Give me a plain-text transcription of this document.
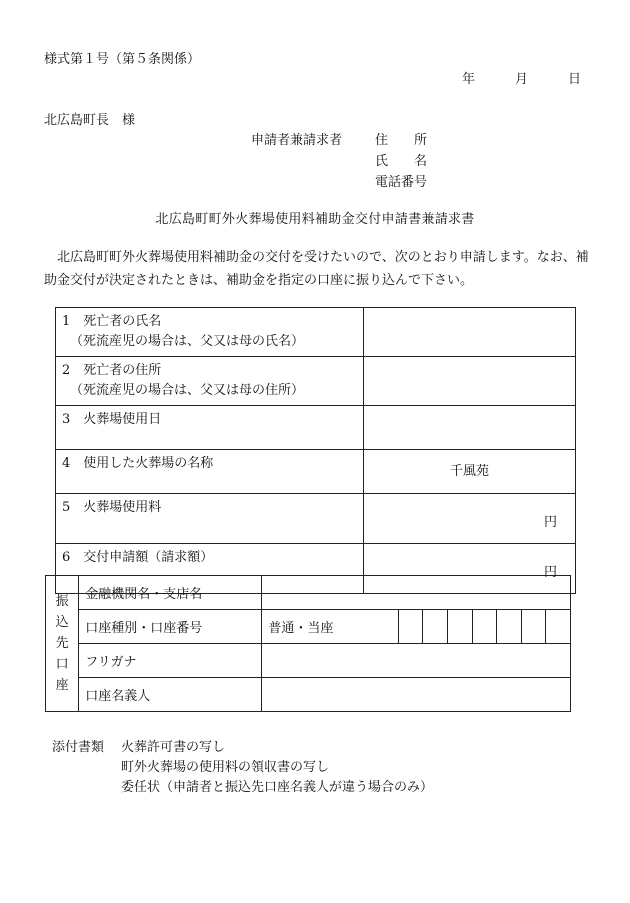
様式第１号（第５条関係）
年	月	日
北広島町長　様
申請者兼請求者	住　　所
氏　　名
電話番号
北広島町町外火葬場使用料補助金交付申請書兼請求書
北広島町町外火葬場使用料補助金の交付を受けたいので、次のとおり申請します。なお、補助金交付が決定されたときは、補助金を指定の口座に振り込んで下さい。
1　死亡者の氏名
（死流産児の場合は、父又は母の氏名）	

2　死亡者の住所
（死流産児の場合は、父又は母の住所）	

3　火葬場使用日	

4　使用した火葬場の名称	千風苑

5　火葬場使用料	円

6　交付申請額（請求額）	円
振
込
先
口
座	金融機関名・支店名								
	口座種別・口座番号	普通・当座							
	フリガナ								
	口座名義人								
添付書類 火葬許可書の写し
町外火葬場の使用料の領収書の写し
委任状（申請者と振込先口座名義人が違う場合のみ）
